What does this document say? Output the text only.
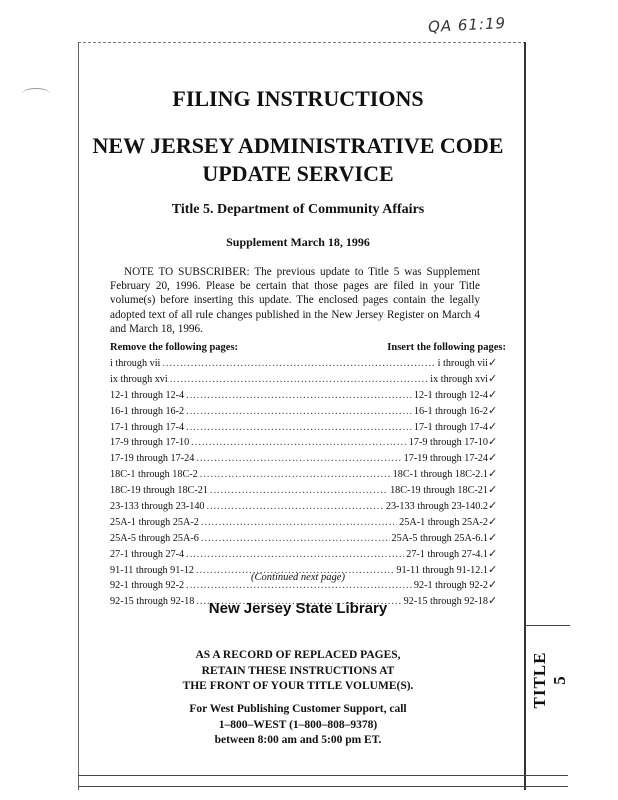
QA 61:19
TITLE 5
FILING INSTRUCTIONS
NEW JERSEY ADMINISTRATIVE CODE
UPDATE SERVICE
Title 5. Department of Community Affairs
Supplement March 18, 1996
NOTE TO SUBSCRIBER: The previous update to Title 5 was Supplement February 20, 1996. Please be certain that those pages are filed in your Title volume(s) before inserting this update. The enclosed pages contain the legally adopted text of all rule changes published in the New Jersey Register on March 4 and March 18, 1996.
Remove the following pages:	Insert the following pages:
i through vii .....	i through vii ✓
ix through xvi .....	ix through xvi ✓
12-1 through 12-4 .....	12-1 through 12-4 ✓
16-1 through 16-2 .....	16-1 through 16-2 ✓
17-1 through 17-4 .....	17-1 through 17-4 ✓
17-9 through 17-10 .....	17-9 through 17-10 ✓
17-19 through 17-24 .....	17-19 through 17-24 ✓
18C-1 through 18C-2 .....	18C-1 through 18C-2.1 ✓
18C-19 through 18C-21 .....	18C-19 through 18C-21 ✓
23-133 through 23-140 .....	23-133 through 23-140.2 ✓
25A-1 through 25A-2 .....	25A-1 through 25A-2 ✓
25A-5 through 25A-6 .....	25A-5 through 25A-6.1 ✓
27-1 through 27-4 .....	27-1 through 27-4.1 ✓
91-11 through 91-12 .....	91-11 through 91-12.1 ✓
92-1 through 92-2 .....	92-1 through 92-2 ✓
92-15 through 92-18 .....	92-15 through 92-18 ✓
(Continued next page)
New Jersey State Library
AS A RECORD OF REPLACED PAGES,
RETAIN THESE INSTRUCTIONS AT
THE FRONT OF YOUR TITLE VOLUME(S).
For West Publishing Customer Support, call
1–800–WEST (1–800–808–9378)
between 8:00 am and 5:00 pm ET.
